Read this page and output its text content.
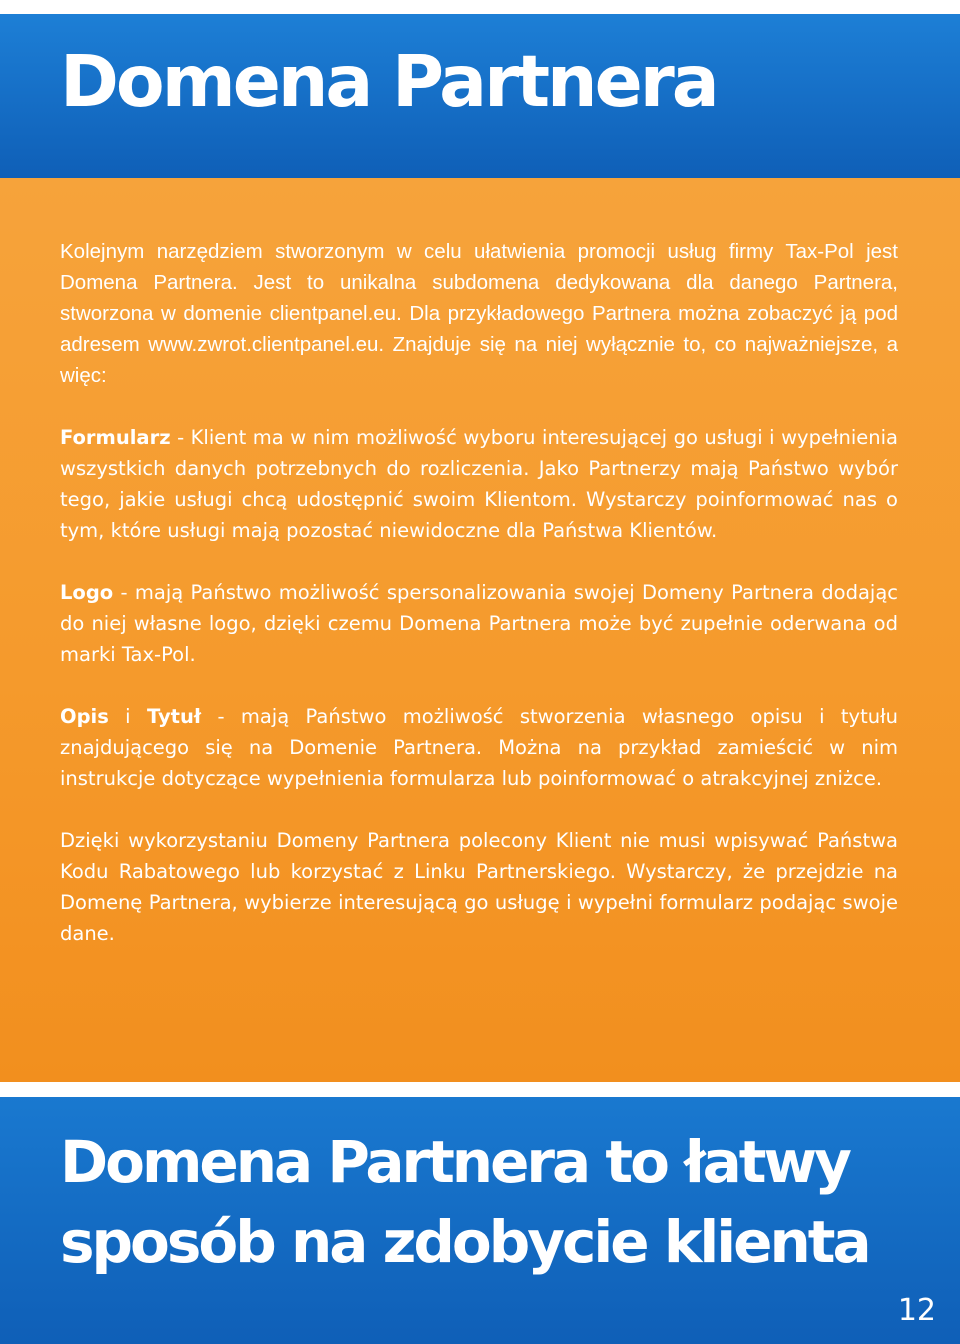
Domena Partnera

Kolejnym narzędziem stworzonym w celu ułatwienia promocji usług firmy Tax-Pol jest Domena Partnera. Jest to unikalna subdomena dedykowana dla danego Partnera, stworzona w domenie clientpanel.eu. Dla przykładowego Partnera można zobaczyć ją pod adresem www.zwrot.clientpanel.eu. Znajduje się na niej wyłącznie to, co najważniejsze, a więc:

Formularz - Klient ma w nim możliwość wyboru interesującej go usługi i wypełnienia wszystkich danych potrzebnych do rozliczenia. Jako Partnerzy mają Państwo wybór tego, jakie usługi chcą udostępnić swoim Klientom. Wystarczy poinformować nas o tym, które usługi mają pozostać niewidoczne dla Państwa Klientów.

Logo - mają Państwo możliwość spersonalizowania swojej Domeny Partnera dodając do niej własne logo, dzięki czemu Domena Partnera może być zupełnie oderwana od marki Tax-Pol.

Opis i Tytuł - mają Państwo możliwość stworzenia własnego opisu i tytułu znajdującego się na Domenie Partnera. Można na przykład zamieścić w nim instrukcje dotyczące wypełnienia formularza lub poinformować o atrakcyjnej zniżce.

Dzięki wykorzystaniu Domeny Partnera polecony Klient nie musi wpisywać Państwa Kodu Rabatowego lub korzystać z Linku Partnerskiego. Wystarczy, że przejdzie na Domenę Partnera, wybierze interesującą go usługę i wypełni formularz podając swoje dane.

Domena Partnera to łatwy
sposób na zdobycie klienta
12
